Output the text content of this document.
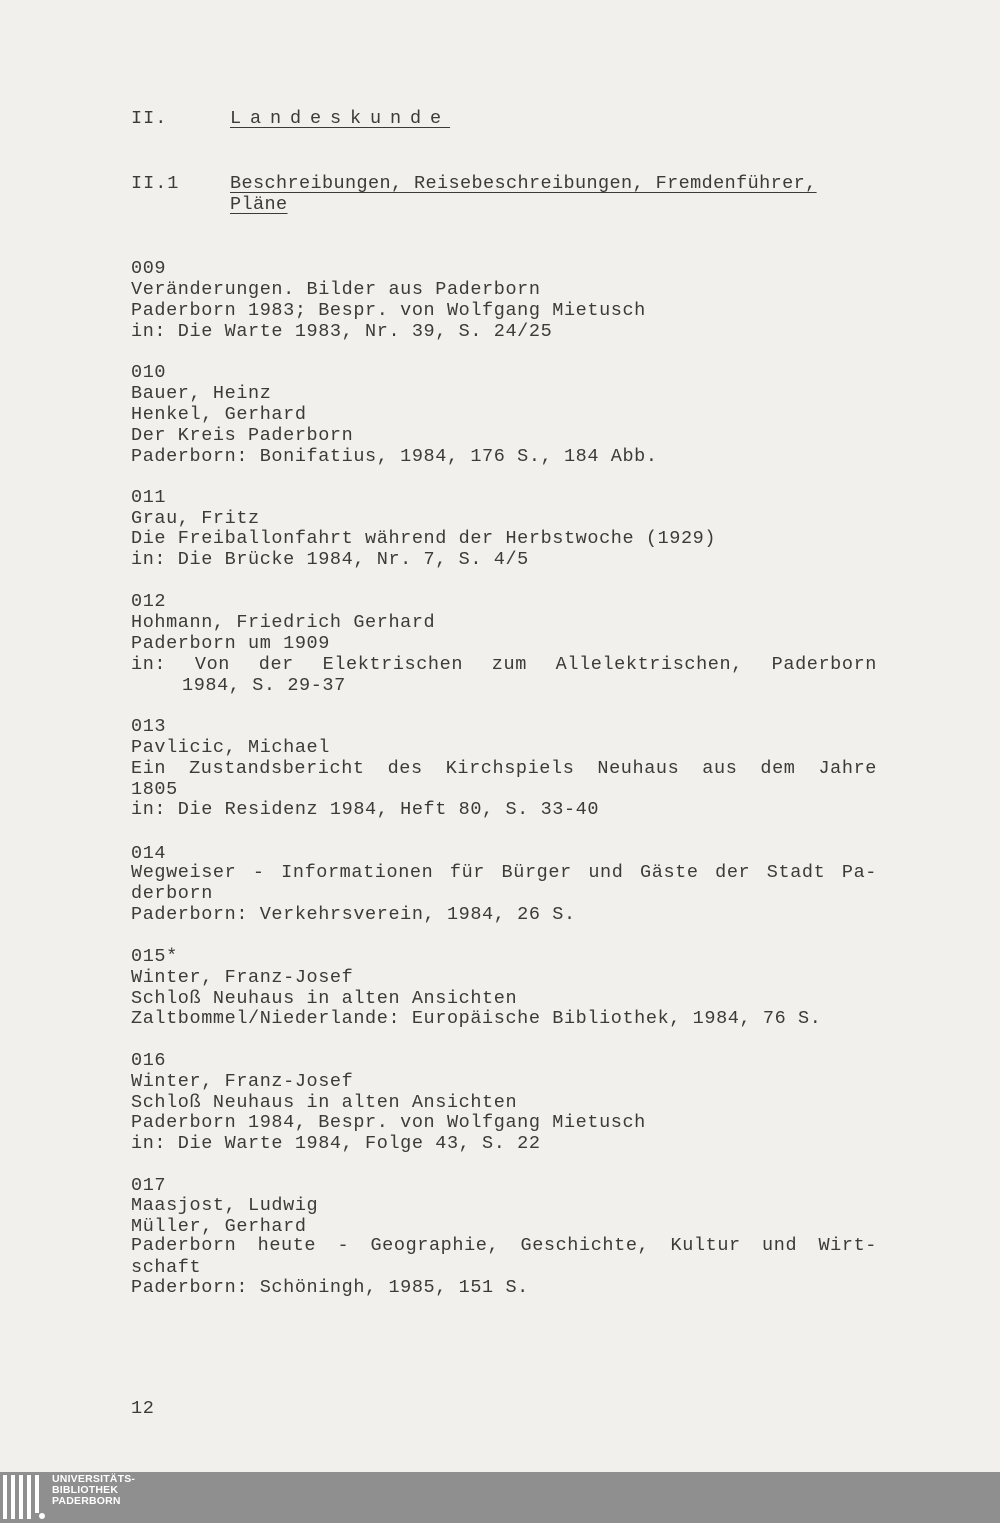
II.	Landeskunde
II.1	Beschreibungen, Reisebeschreibungen, Fremdenführer,
Pläne
009
Veränderungen. Bilder aus Paderborn
Paderborn 1983; Bespr. von Wolfgang Mietusch
in: Die Warte 1983, Nr. 39, S. 24/25
010
Bauer, Heinz
Henkel, Gerhard
Der Kreis Paderborn
Paderborn: Bonifatius, 1984, 176 S., 184 Abb.
011
Grau, Fritz
Die Freiballonfahrt während der Herbstwoche (1929)
in: Die Brücke 1984, Nr. 7, S. 4/5
012
Hohmann, Friedrich Gerhard
Paderborn um 1909
in: Von der Elektrischen zum Allelektrischen, Paderborn
1984, S. 29-37
013
Pavlicic, Michael
Ein Zustandsbericht des Kirchspiels Neuhaus aus dem Jahre
1805
in: Die Residenz 1984, Heft 80, S. 33-40
014
Wegweiser - Informationen für Bürger und Gäste der Stadt Pa-
derborn
Paderborn: Verkehrsverein, 1984, 26 S.
015*
Winter, Franz-Josef
Schloß Neuhaus in alten Ansichten
Zaltbommel/Niederlande: Europäische Bibliothek, 1984, 76 S.
016
Winter, Franz-Josef
Schloß Neuhaus in alten Ansichten
Paderborn 1984, Bespr. von Wolfgang Mietusch
in: Die Warte 1984, Folge 43, S. 22
017
Maasjost, Ludwig
Müller, Gerhard
Paderborn heute - Geographie, Geschichte, Kultur und Wirt-
schaft
Paderborn: Schöningh, 1985, 151 S.
12
UNIVERSITÄTS-
BIBLIOTHEK
PADERBORN
